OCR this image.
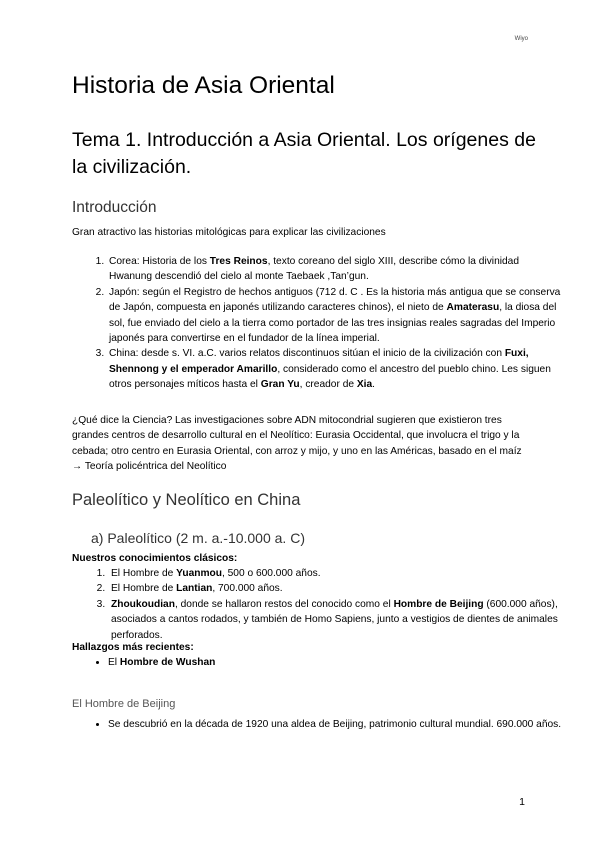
Wiyo
Historia de Asia Oriental
Tema 1. Introducción a Asia Oriental. Los orígenes de la civilización.
Introducción
Gran atractivo las historias mitológicas para explicar las civilizaciones
1. Corea: Historia de los Tres Reinos, texto coreano del siglo XIII, describe cómo la divinidad Hwanung descendió del cielo al monte Taebaek ,Tan’gun.
2. Japón: según el Registro de hechos antiguos (712 d. C . Es la historia más antigua que se conserva de Japón, compuesta en japonés utilizando caracteres chinos), el nieto de Amaterasu, la diosa del sol, fue enviado del cielo a la tierra como portador de las tres insignias reales sagradas del Imperio japonés para convertirse en el fundador de la línea imperial.
3. China: desde s. VI. a.C. varios relatos discontinuos sitúan el inicio de la civilización con Fuxi, Shennong y el emperador Amarillo, considerado como el ancestro del pueblo chino. Les siguen otros personajes míticos hasta el Gran Yu, creador de Xia.
¿Qué dice la Ciencia? Las investigaciones sobre ADN mitocondrial sugieren que existieron tres grandes centros de desarrollo cultural en el Neolítico: Eurasia Occidental, que involucra el trigo y la cebada; otro centro en Eurasia Oriental, con arroz y mijo, y uno en las Américas, basado en el maíz → Teoría policéntrica del Neolítico
Paleolítico y Neolítico en China
a) Paleolítico (2 m. a.-10.000 a. C)
Nuestros conocimientos clásicos:
1. El Hombre de Yuanmou, 500 o 600.000 años.
2. El Hombre de Lantian, 700.000 años.
3. Zhoukoudian, donde se hallaron restos del conocido como el Hombre de Beijing (600.000 años), asociados a cantos rodados, y también de Homo Sapiens, junto a vestigios de dientes de animales perforados.
Hallazgos más recientes:
• El Hombre de Wushan
El Hombre de Beijing
• Se descubrió en la década de 1920 una aldea de Beijing, patrimonio cultural mundial. 690.000 años.
1
